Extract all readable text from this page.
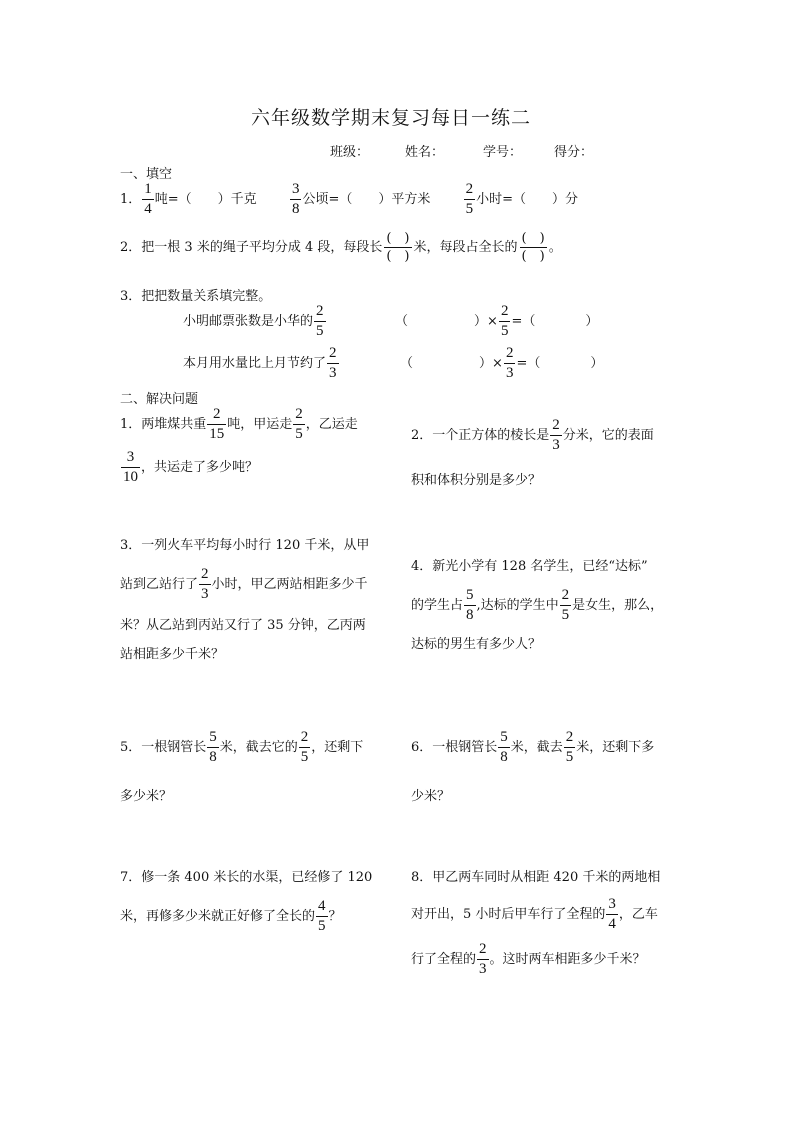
六年级数学期末复习每日一练二
班级：	姓名：	学号： 得分：
一、填空
1． $\frac{1}{4}$ 吨=（　　）千克 $\frac{3}{8}$ 公顷=（　　）平方米 $\frac{2}{5}$ 小时=（　　）分
2．把一根 3 米的绳子平均分成 4 段，每段长 $\frac{( )}{( )}$ 米，每段占全长的 $\frac{( )}{( )}$ 。
3．把把数量关系填完整。
小明邮票张数是小华的 $\frac{2}{5}$	（	）× $\frac{2}{5}$ =（	）
本月用水量比上月节约了 $\frac{2}{3}$	（	）× $\frac{2}{3}$ =（	）
二、解决问题
1．两堆煤共重 $\frac{2}{15}$ 吨，甲运走 $\frac{2}{5}$ ，乙运走
$\frac{3}{10}$ ，共运走了多少吨？
2．一个正方体的棱长是 $\frac{2}{3}$ 分米，它的表面
积和体积分别是多少？
3．一列火车平均每小时行 120 千米，从甲
站到乙站行了 $\frac{2}{3}$ 小时，甲乙两站相距多少千
米？从乙站到丙站又行了 35 分钟，乙丙两
站相距多少千米？
4．新光小学有 128 名学生，已经“达标”
的学生占 $\frac{5}{8}$ ,达标的学生中 $\frac{2}{5}$ 是女生，那么，
达标的男生有多少人？
5．一根钢管长 $\frac{5}{8}$ 米，截去它的 $\frac{2}{5}$ ，还剩下
多少米？
6．一根钢管长 $\frac{5}{8}$ 米，截去 $\frac{2}{5}$ 米，还剩下多
少米？
7．修一条 400 米长的水渠，已经修了 120
米，再修多少米就正好修了全长的 $\frac{4}{5}$ ？
8．甲乙两车同时从相距 420 千米的两地相
对开出，5 小时后甲车行了全程的 $\frac{3}{4}$ ，乙车
行了全程的 $\frac{2}{3}$ 。这时两车相距多少千米？
